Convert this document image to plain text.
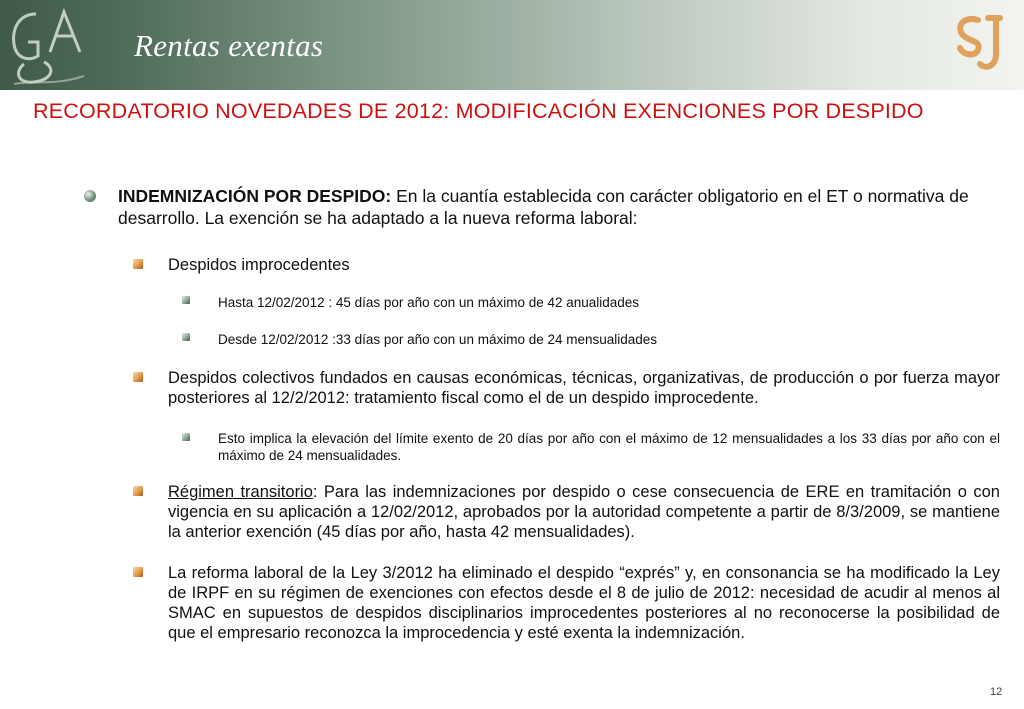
Rentas exentas
RECORDATORIO NOVEDADES DE 2012: MODIFICACIÓN EXENCIONES POR DESPIDO
INDEMNIZACIÓN POR DESPIDO: En la cuantía establecida con carácter obligatorio en el ET o normativa de desarrollo. La exención se ha adaptado a la nueva reforma laboral:
Despidos improcedentes
Hasta 12/02/2012 : 45 días por año con un máximo de 42 anualidades
Desde 12/02/2012 :33 días por año con un máximo de 24 mensualidades
Despidos colectivos fundados en causas económicas, técnicas, organizativas, de producción o por fuerza mayor posteriores al 12/2/2012: tratamiento fiscal como el de un despido improcedente.
Esto implica la elevación del límite exento de 20 días por año con el máximo de 12 mensualidades a los 33 días por año con el máximo de 24 mensualidades.
Régimen transitorio: Para las indemnizaciones por despido o cese consecuencia de ERE en tramitación o con vigencia en su aplicación a 12/02/2012, aprobados por la autoridad competente a partir de 8/3/2009, se mantiene la anterior exención (45 días por año, hasta 42 mensualidades).
La reforma laboral de la Ley 3/2012 ha eliminado el despido “exprés” y, en consonancia se ha modificado la Ley de IRPF en su régimen de exenciones con efectos desde el 8 de julio de 2012: necesidad de acudir al menos al SMAC en supuestos de despidos disciplinarios improcedentes posteriores al no reconocerse la posibilidad de que el empresario reconozca la improcedencia y esté exenta la indemnización.
12
